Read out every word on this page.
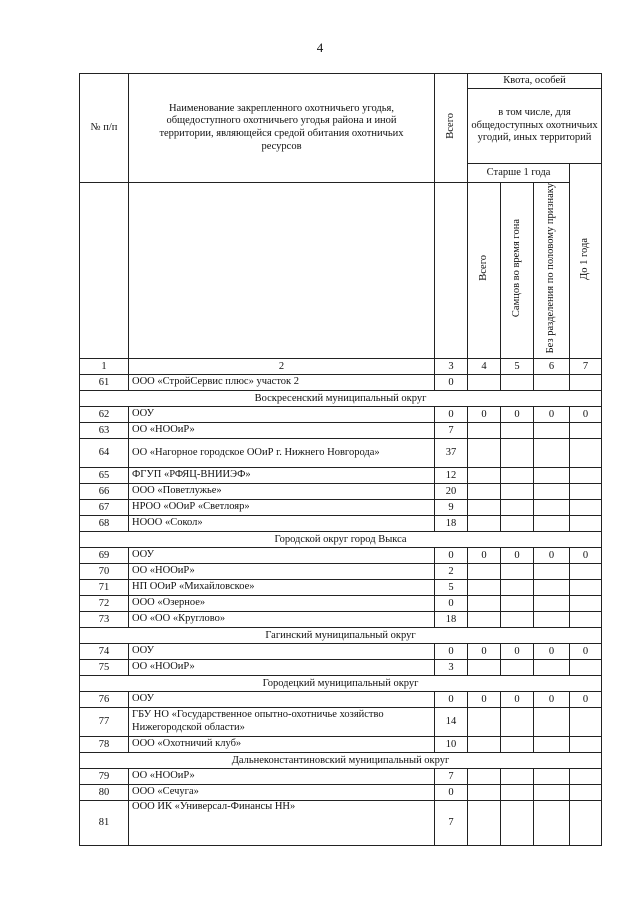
4
№ п/п	Наименование закрепленного охотничьего угодья, общедоступного охотничьего угодья района и иной территории, являющейся средой обитания охотничьих ресурсов	Всего	Квота, особей			
			в том числе, для общедоступных охотничьих угодий, иных территорий			
			Старше 1 года			До 1 года
			Всего	Самцов во время гона	Без разделения по половому признаку	
1	2	3	4	5	6	7
61	ООО «СтройСервис плюс» участок 2	0				
Воскресенский муниципальный округ						
62	ООУ	0	0	0	0	0
63	ОО «НООиР»	7				
64	ОО «Нагорное городское ООиР г. Нижнего Новгорода»	37				
65	ФГУП «РФЯЦ-ВНИИЭФ»	12				
66	ООО «Поветлужье»	20				
67	НРОО «ООиР «Светлояр»	9				
68	НООО «Сокол»	18				
Городской округ город Выкса						
69	ООУ	0	0	0	0	0
70	ОО «НООиР»	2				
71	НП ООиР «Михайловское»	5				
72	ООО «Озерное»	0				
73	ОО «ОО «Круглово»	18				
Гагинский муниципальный округ						
74	ООУ	0	0	0	0	0
75	ОО «НООиР»	3				
Городецкий муниципальный округ						
76	ООУ	0	0	0	0	0
77	ГБУ НО «Государственное опытно-охотничье хозяйство Нижегородской области»	14				
78	ООО «Охотничий клуб»	10				
Дальнеконстантиновский муниципальный округ						
79	ОО «НООиР»	7				
80	ООО «Сечуга»	0				
81	ООО ИК «Универсал-Финансы НН»	7				
